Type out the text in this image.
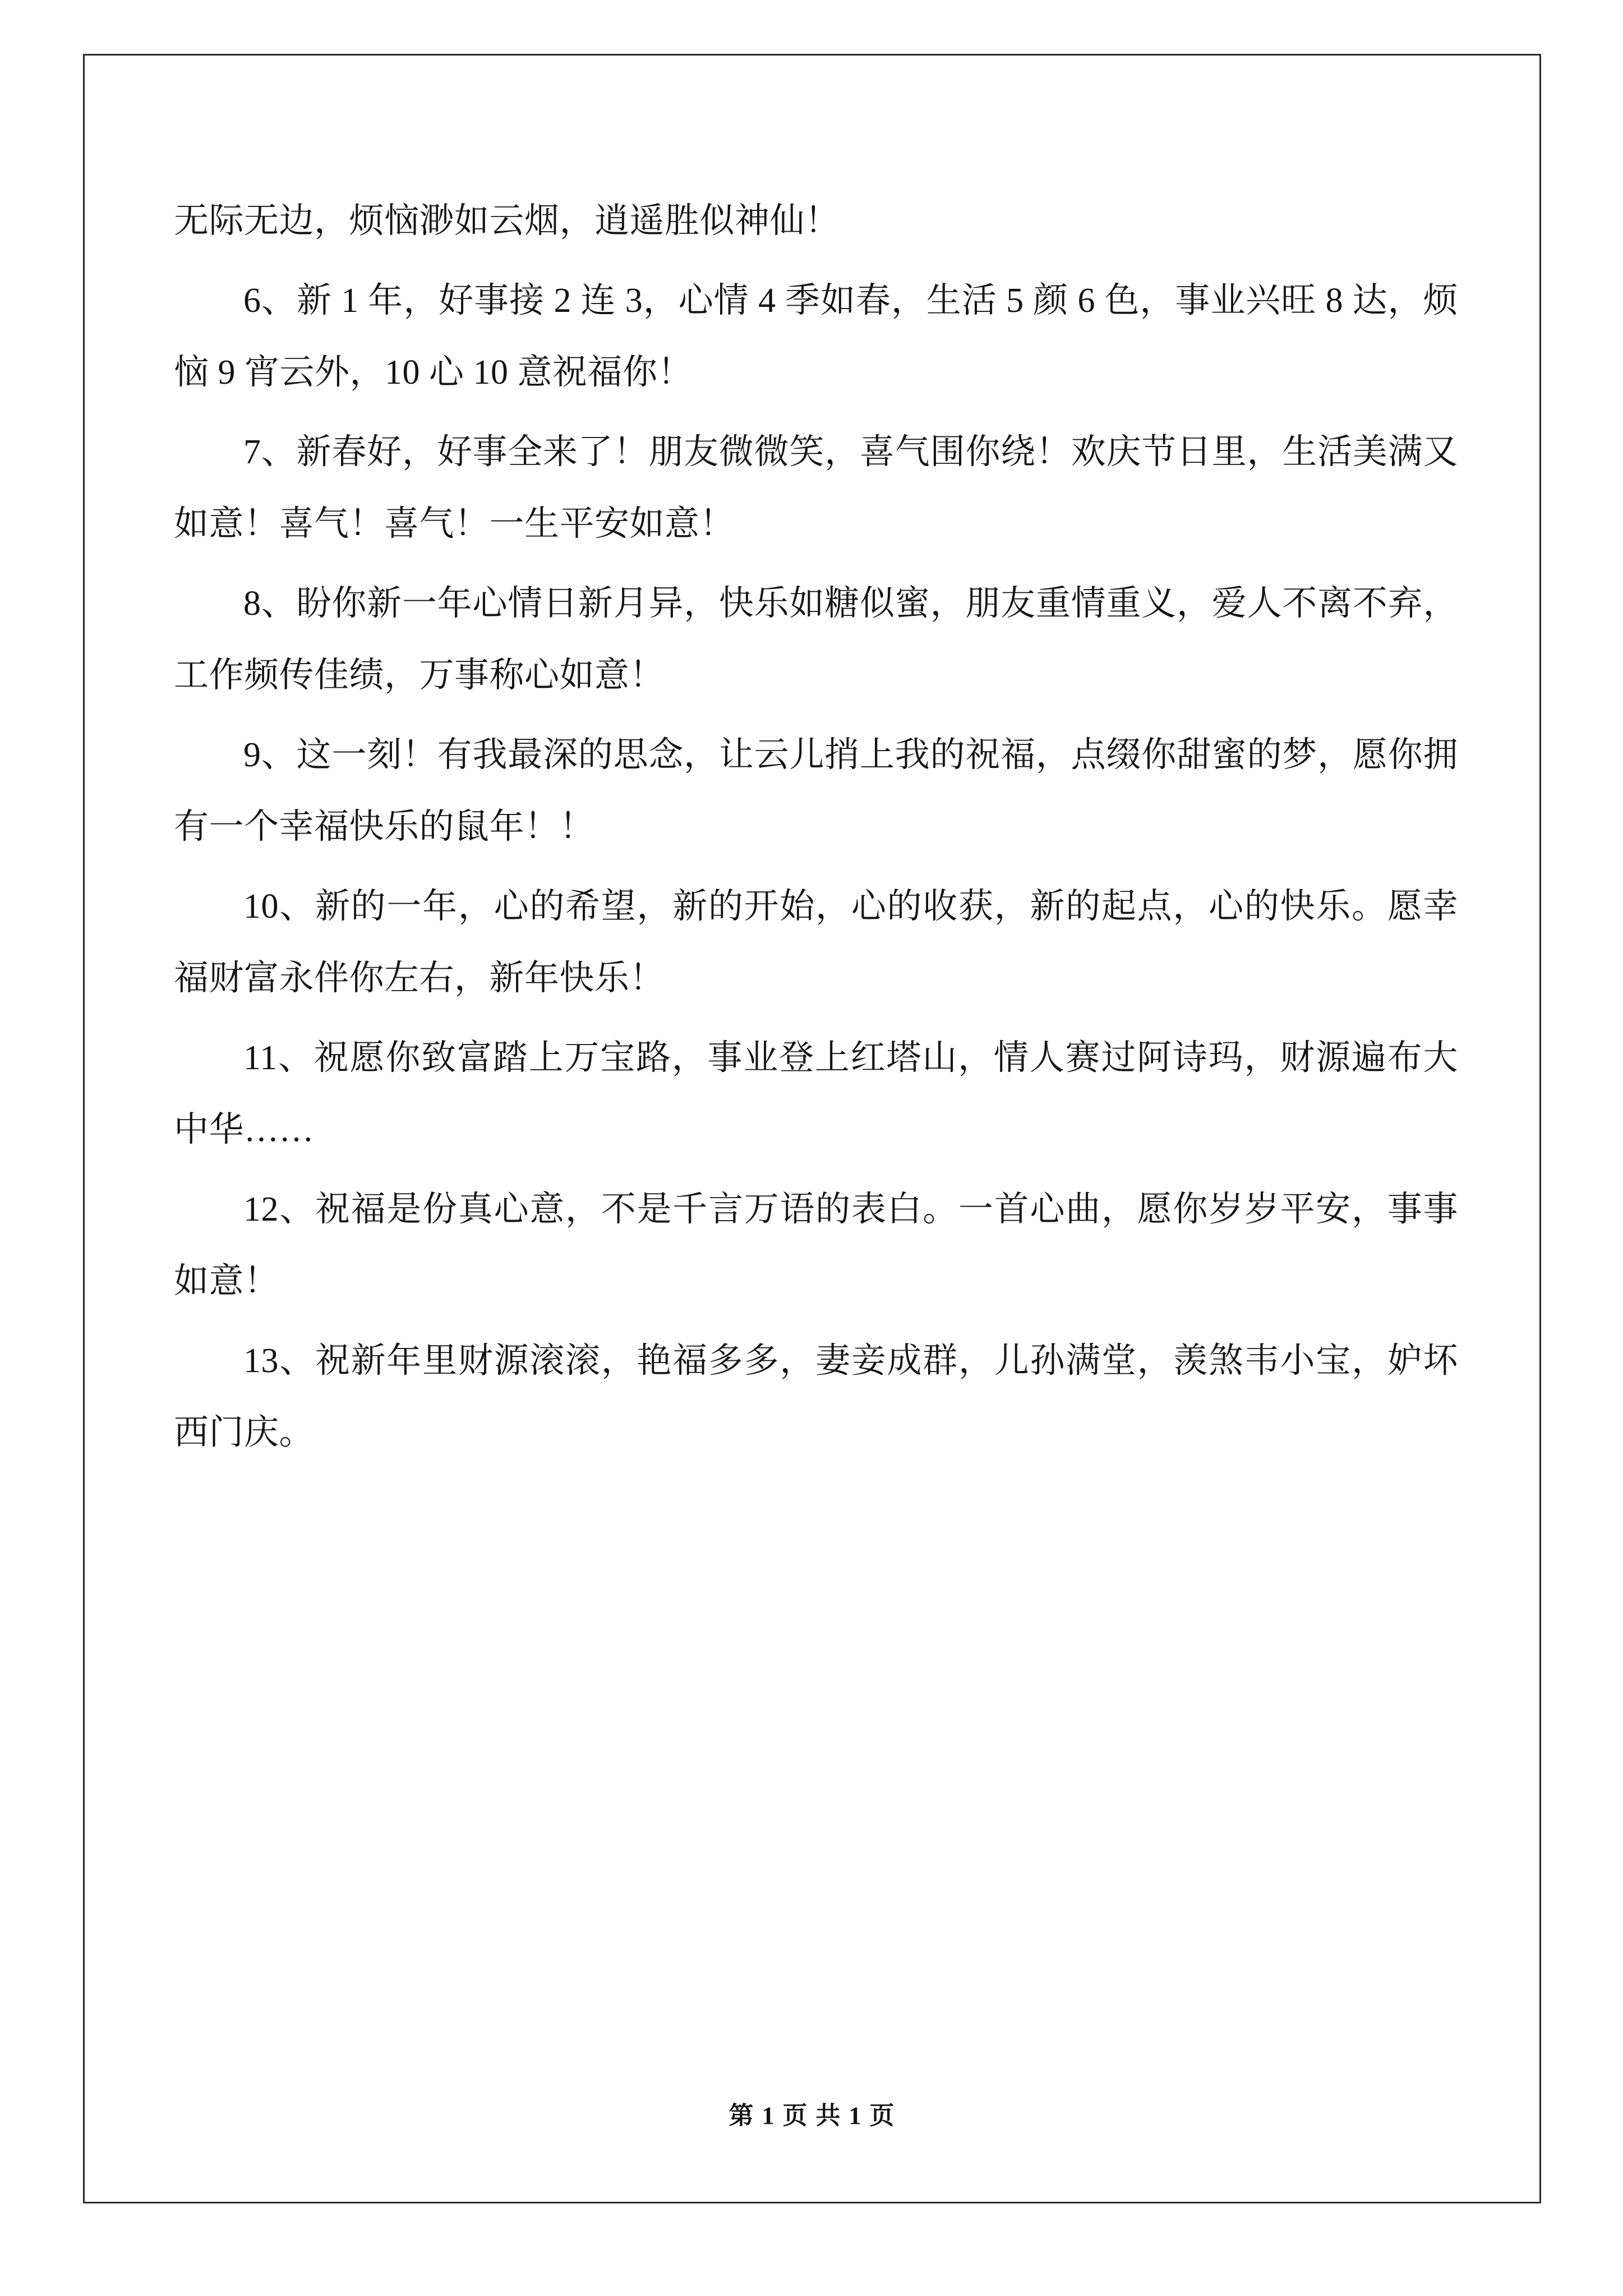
无际无边，烦恼渺如云烟，逍遥胜似神仙！

6、新 1 年，好事接 2 连 3，心情 4 季如春，生活 5 颜 6 色，事业兴旺 8 达，烦恼 9 宵云外，10 心 10 意祝福你！

7、新春好，好事全来了！朋友微微笑，喜气围你绕！欢庆节日里，生活美满又如意！喜气！喜气！一生平安如意！

8、盼你新一年心情日新月异，快乐如糖似蜜，朋友重情重义，爱人不离不弃，工作频传佳绩，万事称心如意！

9、这一刻！有我最深的思念，让云儿捎上我的祝福，点缀你甜蜜的梦，愿你拥有一个幸福快乐的鼠年！！

10、新的一年，心的希望，新的开始，心的收获，新的起点，心的快乐。愿幸福财富永伴你左右，新年快乐！

11、祝愿你致富踏上万宝路，事业登上红塔山，情人赛过阿诗玛，财源遍布大中华……

12、祝福是份真心意，不是千言万语的表白。一首心曲，愿你岁岁平安，事事如意！

13、祝新年里财源滚滚，艳福多多，妻妾成群，儿孙满堂，羡煞韦小宝，妒坏西门庆。

第 1 页 共 1 页
